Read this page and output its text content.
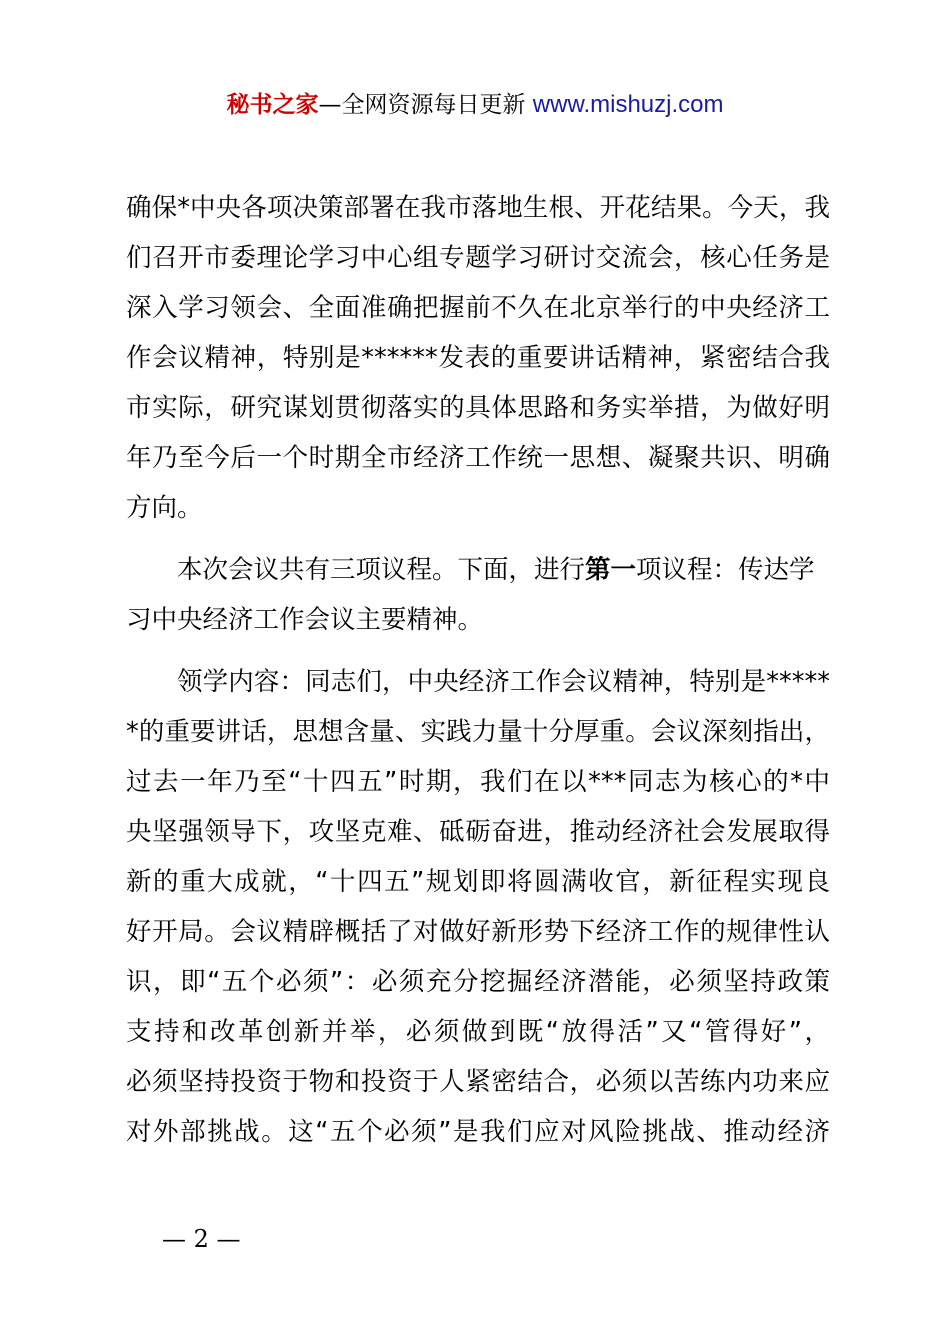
秘书之家—全网资源每日更新 www.mishuzj.com
确保*中央各项决策部署在我市落地生根、开花结果。今天，我
们召开市委理论学习中心组专题学习研讨交流会，核心任务是
深入学习领会、全面准确把握前不久在北京举行的中央经济工
作会议精神，特别是******发表的重要讲话精神，紧密结合我
市实际，研究谋划贯彻落实的具体思路和务实举措，为做好明
年乃至今后一个时期全市经济工作统一思想、凝聚共识、明确
方向。
本次会议共有三项议程。下面，进行第一项议程：传达学
习中央经济工作会议主要精神。
领学内容：同志们，中央经济工作会议精神，特别是*****
*的重要讲话，思想含量、实践力量十分厚重。会议深刻指出，
过去一年乃至“十四五”时期，我们在以***同志为核心的*中
央坚强领导下，攻坚克难、砥砺奋进，推动经济社会发展取得
新的重大成就，“十四五”规划即将圆满收官，新征程实现良
好开局。会议精辟概括了对做好新形势下经济工作的规律性认
识，即“五个必须”：必须充分挖掘经济潜能，必须坚持政策
支持和改革创新并举，必须做到既“放得活”又“管得好”，
必须坚持投资于物和投资于人紧密结合，必须以苦练内功来应
对外部挑战。这“五个必须”是我们应对风险挑战、推动经济
— 2 —
